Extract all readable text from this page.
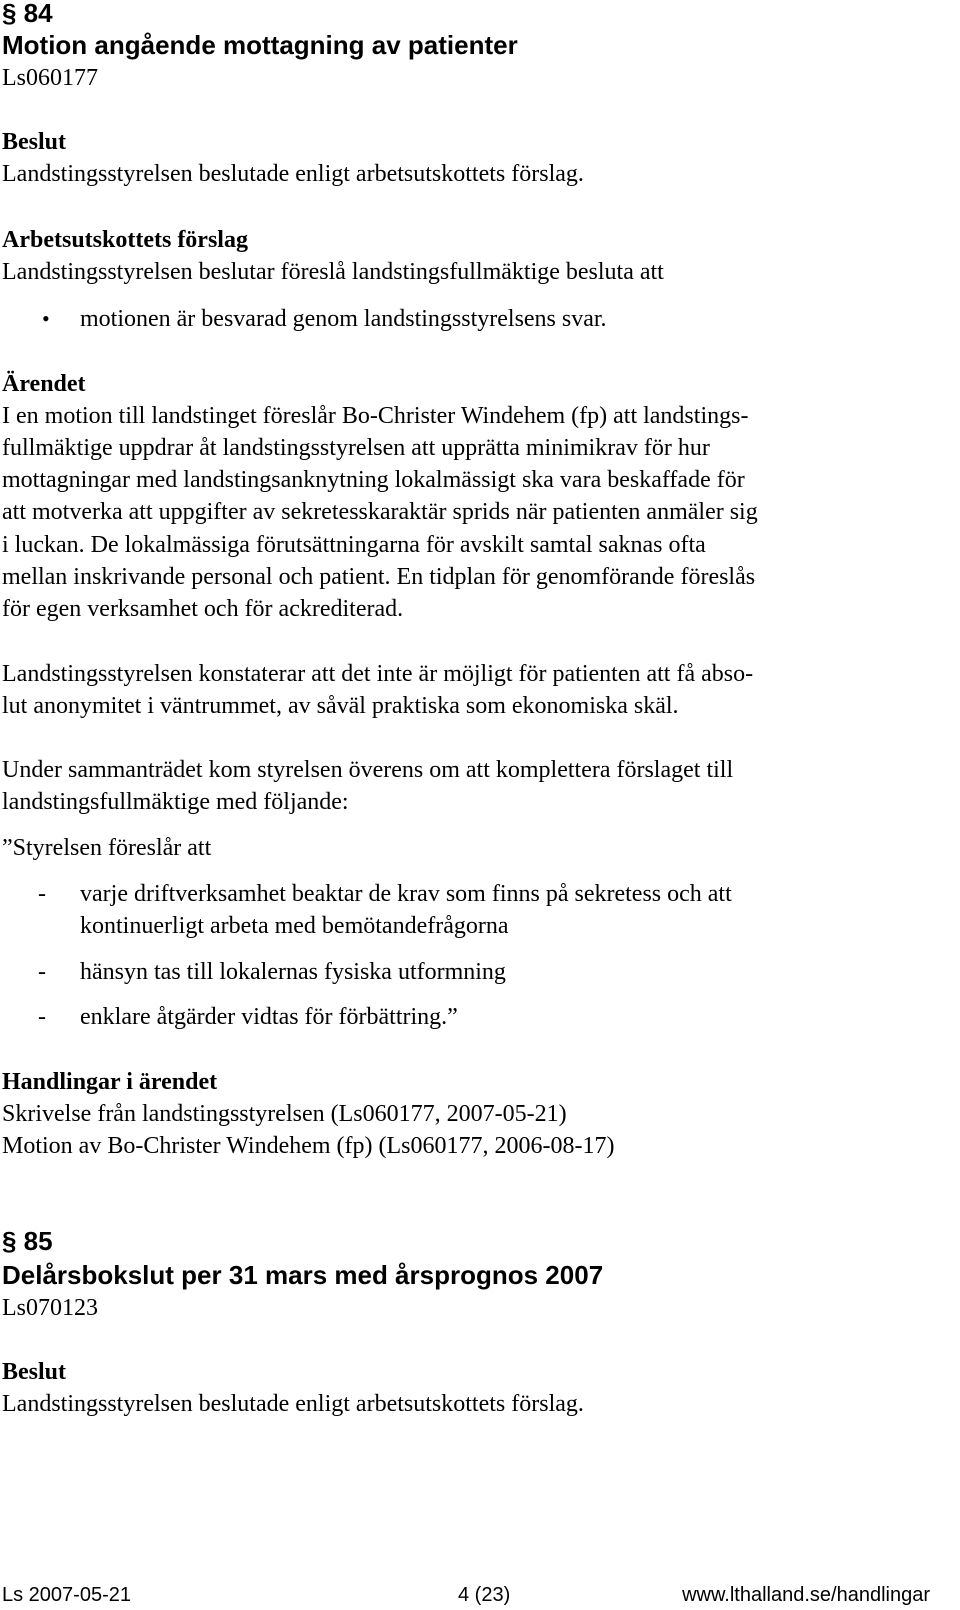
§ 84
Motion angående mottagning av patienter
Ls060177
Beslut
Landstingsstyrelsen beslutade enligt arbetsutskottets förslag.
Arbetsutskottets förslag
Landstingsstyrelsen beslutar föreslå landstingsfullmäktige besluta att
• motionen är besvarad genom landstingsstyrelsens svar.
Ärendet
I en motion till landstinget föreslår Bo-Christer Windehem (fp) att landstings-
fullmäktige uppdrar åt landstingsstyrelsen att upprätta minimikrav för hur
mottagningar med landstingsanknytning lokalmässigt ska vara beskaffade för
att motverka att uppgifter av sekretesskaraktär sprids när patienten anmäler sig
i luckan. De lokalmässiga förutsättningarna för avskilt samtal saknas ofta
mellan inskrivande personal och patient. En tidplan för genomförande föreslås
för egen verksamhet och för ackrediterad.
Landstingsstyrelsen konstaterar att det inte är möjligt för patienten att få abso-
lut anonymitet i väntrummet, av såväl praktiska som ekonomiska skäl.
Under sammanträdet kom styrelsen överens om att komplettera förslaget till
landstingsfullmäktige med följande:
”Styrelsen föreslår att
- varje driftverksamhet beaktar de krav som finns på sekretess och att
kontinuerligt arbeta med bemötandefrågorna
- hänsyn tas till lokalernas fysiska utformning
- enklare åtgärder vidtas för förbättring.”
Handlingar i ärendet
Skrivelse från landstingsstyrelsen (Ls060177, 2007-05-21)
Motion av Bo-Christer Windehem (fp) (Ls060177, 2006-08-17)
§ 85
Delårsbokslut per 31 mars med årsprognos 2007
Ls070123
Beslut
Landstingsstyrelsen beslutade enligt arbetsutskottets förslag.
Ls 2007-05-21	4 (23)	www.lthalland.se/handlingar
